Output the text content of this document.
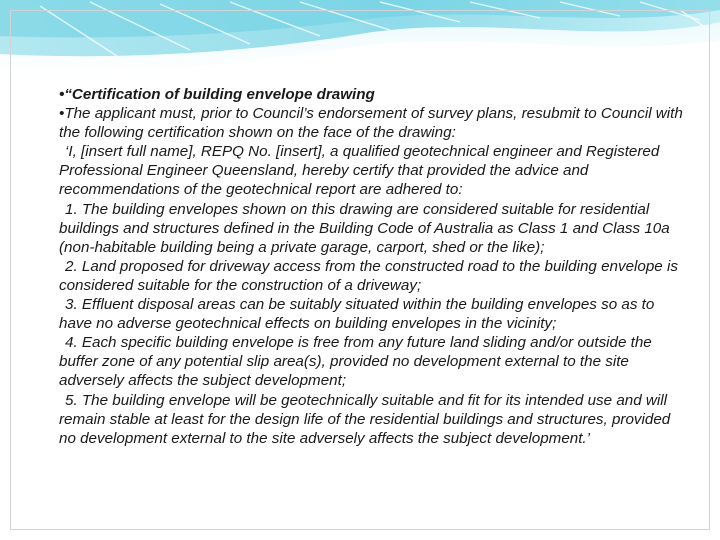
•“Certification of building envelope drawing

•The applicant must, prior to Council’s endorsement of survey plans, resubmit to Council with the following certification shown on the face of the drawing:

‘I, [insert full name], REPQ No. [insert], a qualified geotechnical engineer and Registered Professional Engineer Queensland, hereby certify that provided the advice and recommendations of the geotechnical report are adhered to:

1. The building envelopes shown on this drawing are considered suitable for residential buildings and structures defined in the Building Code of Australia as Class 1 and Class 10a (non-habitable building being a private garage, carport, shed or the like);

2. Land proposed for driveway access from the constructed road to the building envelope is considered suitable for the construction of a driveway;

3. Effluent disposal areas can be suitably situated within the building envelopes so as to have no adverse geotechnical effects on building envelopes in the vicinity;

4. Each specific building envelope is free from any future land sliding and/or outside the buffer zone of any potential slip area(s), provided no development external to the site adversely affects the subject development;

5. The building envelope will be geotechnically suitable and fit for its intended use and will remain stable at least for the design life of the residential buildings and structures, provided no development external to the site adversely affects the subject development.’
